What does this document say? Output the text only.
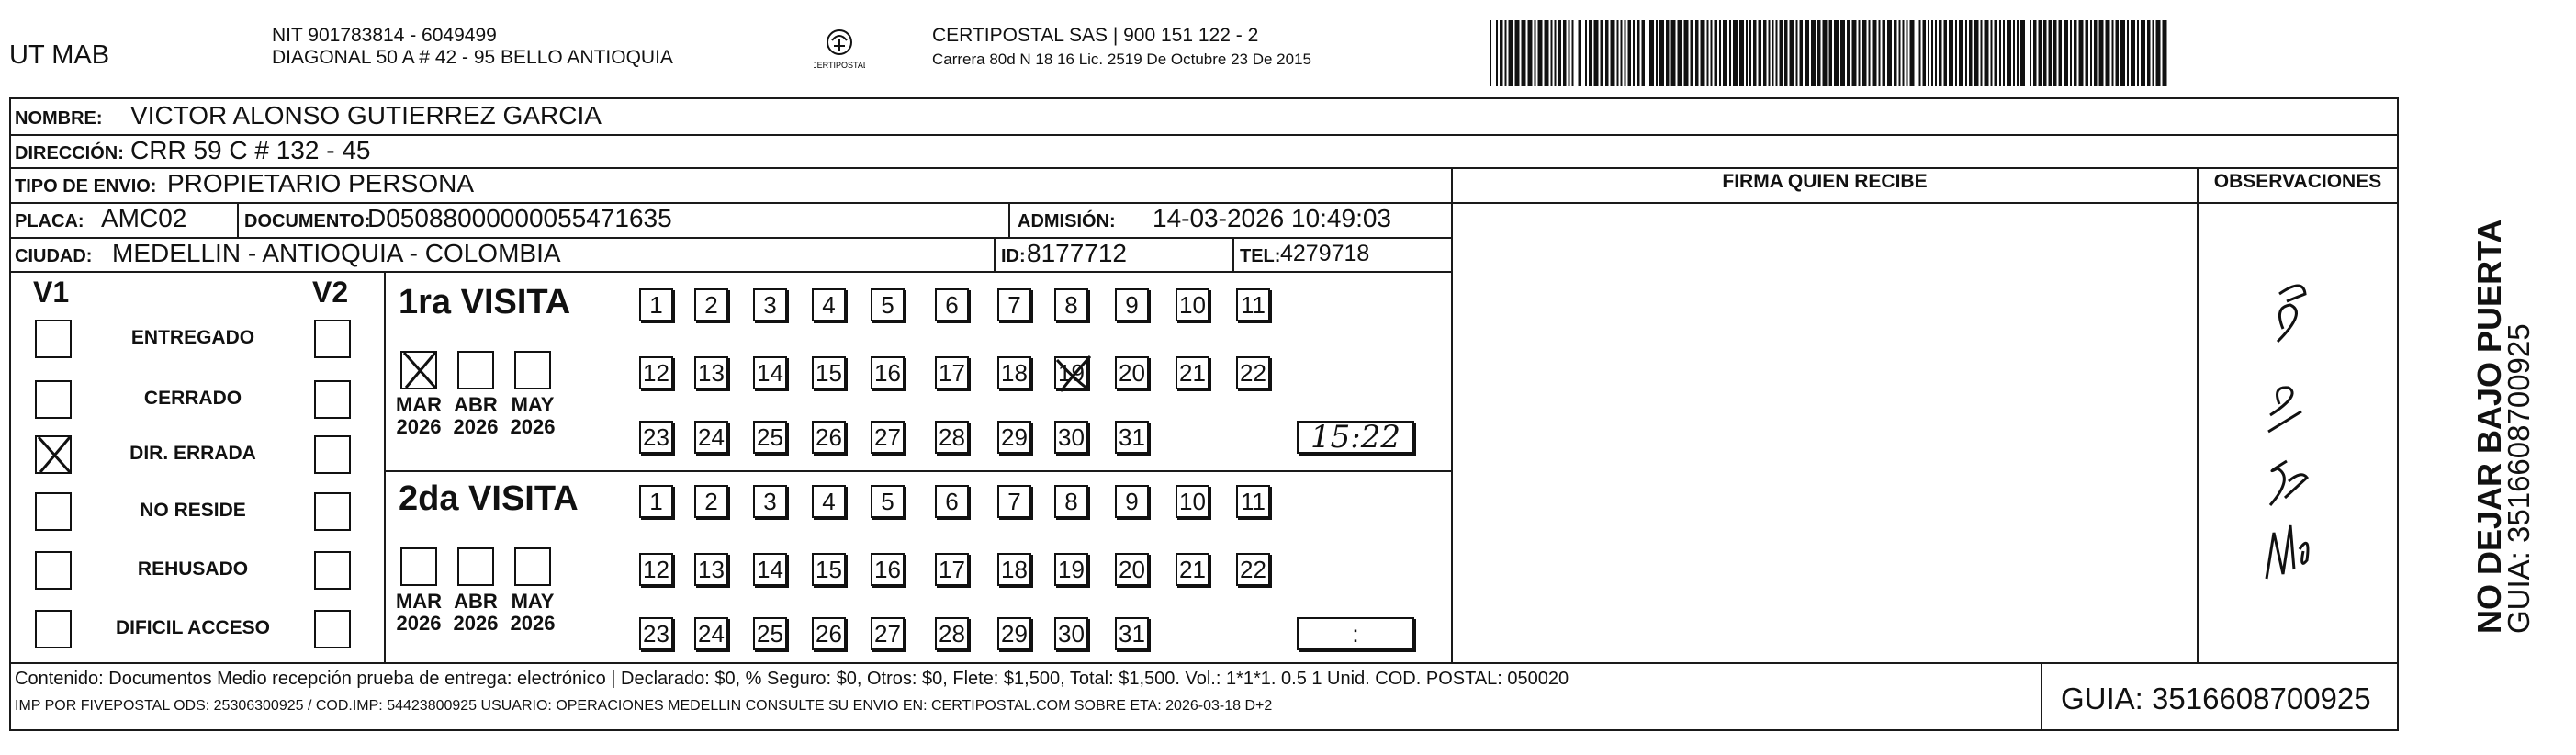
UT MAB
NIT 901783814 - 6049499
DIAGONAL 50 A # 42 - 95 BELLO ANTIOQUIA	CERTIPOSTAL
CERTIPOSTAL SAS | 900 151 122 - 2
Carrera 80d N 18 16 Lic. 2519 De Octubre 23 De 2015
NOMBRE: VICTOR ALONSO GUTIERREZ GARCIA
DIRECCIÓN: CRR 59 C # 132 - 45
TIPO DE ENVIO: PROPIETARIO PERSONA
PLACA: AMC02	DOCUMENTO:
D05088000000055471635	ADMISIÓN: 14-03-2026 10:49:03
CIUDAD: MEDELLIN - ANTIOQUIA - COLOMBIA	ID: 8177712	TEL: 4279718
FIRMA QUIEN RECIBE	OBSERVACIONES
NO DEJAR BAJO PUERTA
GUIA: 3516608700925
V1	V2
ENTREGADO
CERRADO
DIR. ERRADA
NO RESIDE
REHUSADO
DIFICIL ACCESO
1ra VISITA
MAR
2026
ABR
2026
MAY
2026
1	2	3	4	5	6	7	8	9	10 11
12 13 14 15 16 17 18 19 20 21 22
23 24 25 26 27 28 29 30 31	15:22
2da VISITA
MAR
2026
ABR
2026
MAY
2026
1	2	3	4	5	6	7	8	9	10 11
12 13 14 15 16 17 18 19 20 21 22
23 24 25 26 27 28 29 30 31	:
Contenido: Documentos Medio recepción prueba de entrega: electrónico | Declarado: $0, % Seguro: $0, Otros: $0, Flete: $1,500, Total: $1,500. Vol.: 1*1*1. 0.5 1 Unid. COD. POSTAL: 050020
IMP POR FIVEPOSTAL ODS: 25306300925 / COD.IMP: 54423800925 USUARIO: OPERACIONES MEDELLIN CONSULTE SU ENVIO EN: CERTIPOSTAL.COM SOBRE ETA: 2026-03-18 D+2	GUIA: 3516608700925
